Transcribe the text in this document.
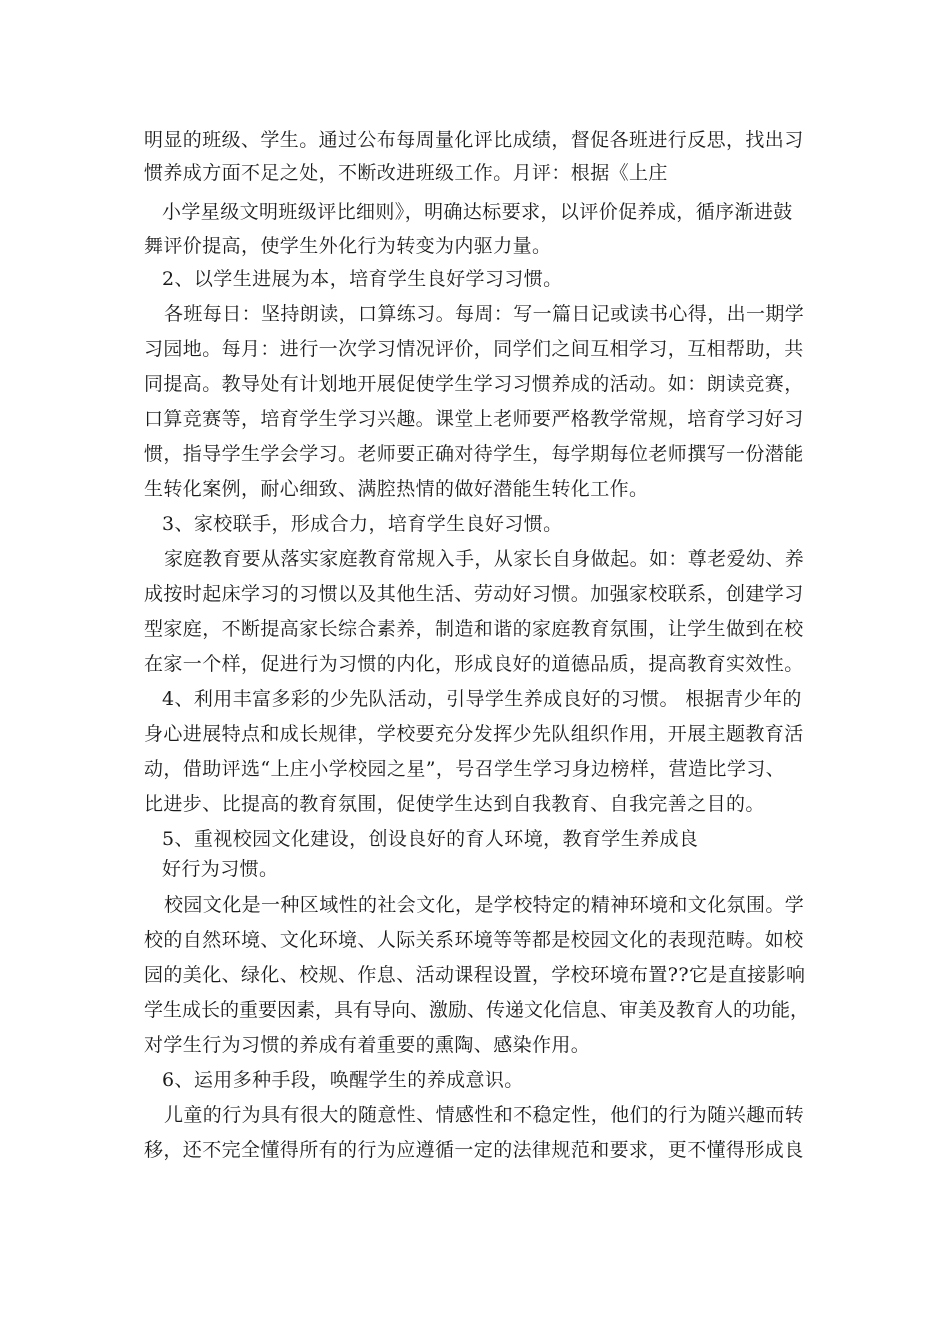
明显的班级、学生。通过公布每周量化评比成绩，督促各班进行反思，找出习
惯养成方面不足之处，不断改进班级工作。月评：根据《上庄
小学星级文明班级评比细则》，明确达标要求，以评价促养成，循序渐进鼓
舞评价提高，使学生外化行为转变为内驱力量。
2、以学生进展为本，培育学生良好学习习惯。
各班每日：坚持朗读，口算练习。每周：写一篇日记或读书心得，出一期学
习园地。每月：进行一次学习情况评价，同学们之间互相学习，互相帮助，共
同提高。教导处有计划地开展促使学生学习习惯养成的活动。如：朗读竞赛，
口算竞赛等，培育学生学习兴趣。课堂上老师要严格教学常规，培育学习好习
惯，指导学生学会学习。老师要正确对待学生，每学期每位老师撰写一份潜能
生转化案例，耐心细致、满腔热情的做好潜能生转化工作。
3、家校联手，形成合力，培育学生良好习惯。
家庭教育要从落实家庭教育常规入手，从家长自身做起。如：尊老爱幼、养
成按时起床学习的习惯以及其他生活、劳动好习惯。加强家校联系，创建学习
型家庭，不断提高家长综合素养，制造和谐的家庭教育氛围，让学生做到在校
在家一个样，促进行为习惯的内化，形成良好的道德品质，提高教育实效性。
4、利用丰富多彩的少先队活动，引导学生养成良好的习惯。 根据青少年的
身心进展特点和成长规律，学校要充分发挥少先队组织作用，开展主题教育活
动，借助评选“上庄小学校园之星”，号召学生学习身边榜样，营造比学习、
比进步、比提高的教育氛围，促使学生达到自我教育、自我完善之目的。
5、重视校园文化建设，创设良好的育人环境，教育学生养成良
好行为习惯。
校园文化是一种区域性的社会文化，是学校特定的精神环境和文化氛围。学
校的自然环境、文化环境、人际关系环境等等都是校园文化的表现范畴。如校
园的美化、绿化、校规、作息、活动课程设置，学校环境布置??它是直接影响
学生成长的重要因素，具有导向、激励、传递文化信息、审美及教育人的功能，
对学生行为习惯的养成有着重要的熏陶、感染作用。
6、运用多种手段，唤醒学生的养成意识。
儿童的行为具有很大的随意性、情感性和不稳定性，他们的行为随兴趣而转
移，还不完全懂得所有的行为应遵循一定的法律规范和要求，更不懂得形成良
